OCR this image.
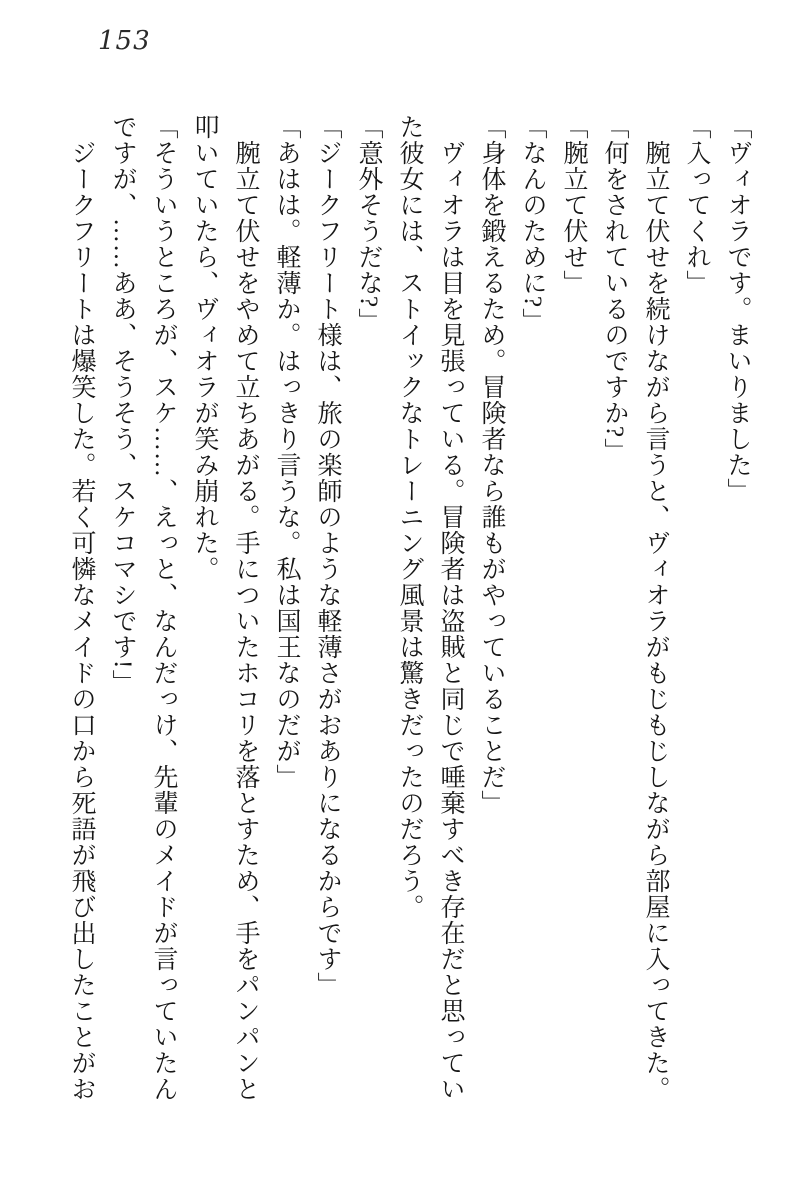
153
「ヴィオラです。まいりました」
「入ってくれ」
腕立て伏せを続けながら言うと、ヴィオラがもじもじしながら部屋に入ってきた。
「何をされているのですか?」
「腕立て伏せ」
「なんのために?」
「身体を鍛えるため。冒険者なら誰もがやっていることだ」
ヴィオラは目を見張っている。冒険者は盗賊と同じで唾棄すべき存在だと思ってい
た彼女には、ストイックなトレーニング風景は驚きだったのだろう。
「意外そうだな?」
「ジークフリート様は、旅の楽師のような軽薄さがおありになるからです」
「あはは。軽薄か。はっきり言うな。私は国王なのだが」
腕立て伏せをやめて立ちあがる。手についたホコリを落とすため、手をパンパンと
叩いていたら、ヴィオラが笑み崩れた。
「そういうところが、スケ……、えっと、なんだっけ、先輩のメイドが言っていたん
ですが、……ああ、そうそう、スケコマシです!」
ジークフリートは爆笑した。若く可憐なメイドの口から死語が飛び出したことがお
